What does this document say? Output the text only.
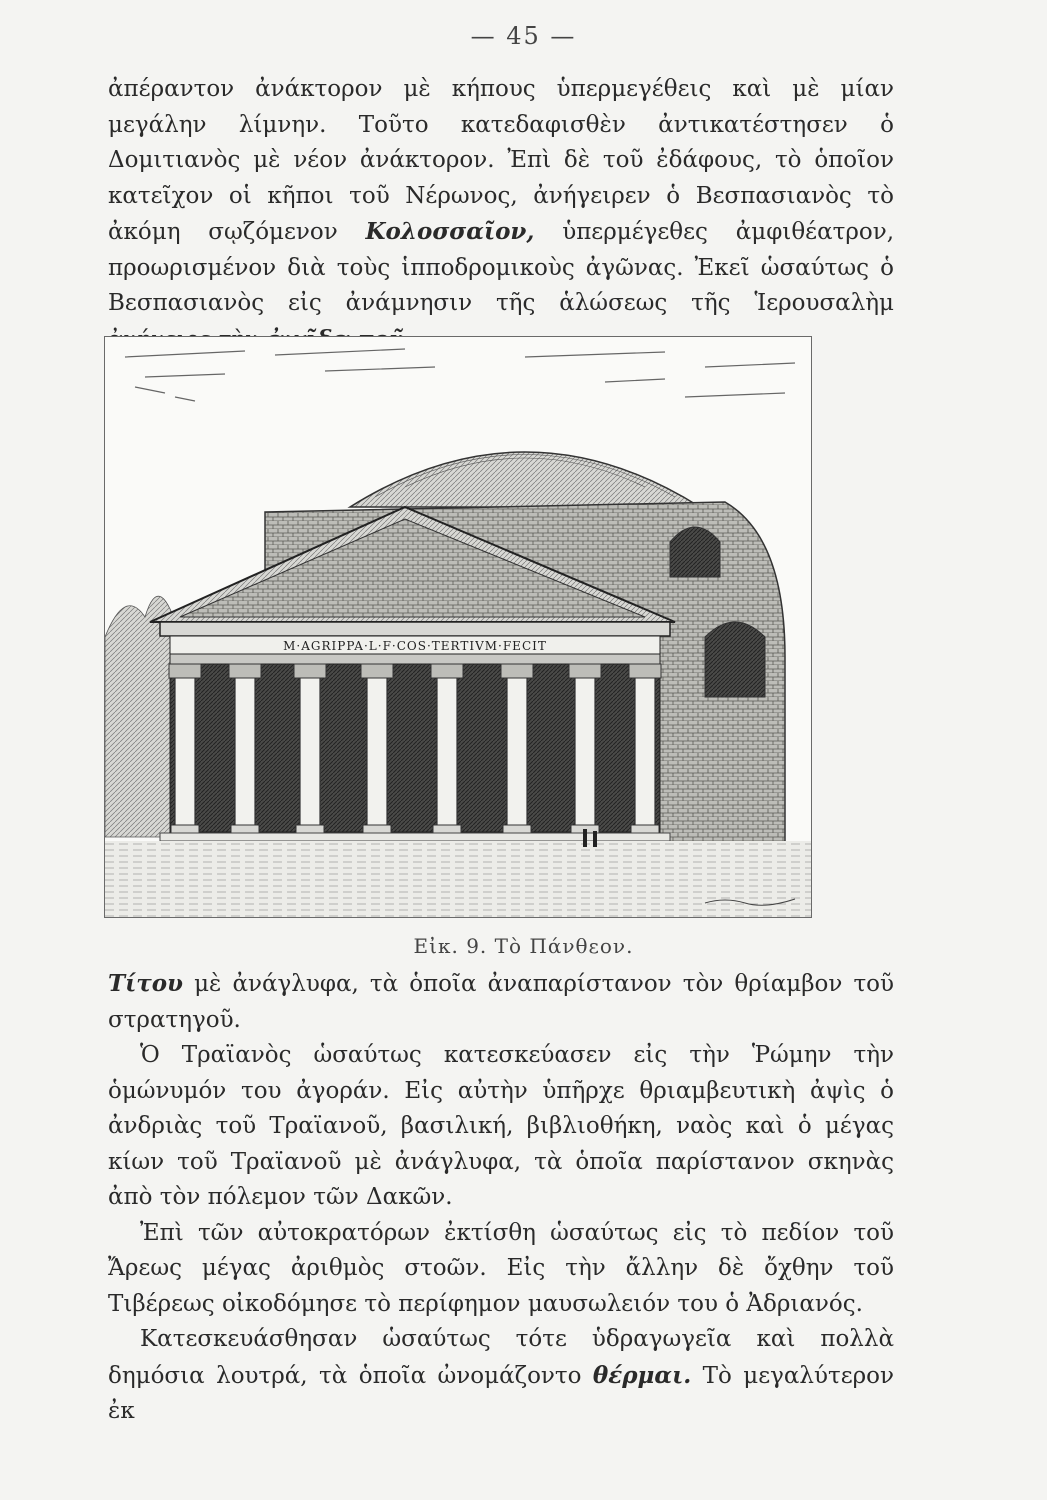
— 45 —

ἀπέραντον ἀνάκτορον μὲ κήπους ὑπερμεγέθεις καὶ μὲ μίαν μεγάλην λίμνην. Τοῦτο κατεδαφισθὲν ἀντικατέστησεν ὁ Δομιτιανὸς μὲ νέον ἀνάκτορον. Ἐπὶ δὲ τοῦ ἐδάφους, τὸ ὁποῖον κατεῖχον οἱ κῆποι τοῦ Νέρωνος, ἀνήγειρεν ὁ Βεσπασιανὸς τὸ ἀκόμη σῳζόμενον Κολοσσαῖον, ὑπερμέγεθες ἀμφιθέατρον, προωρισμένον διὰ τοὺς ἱπποδρομικοὺς ἀγῶνας. Ἐκεῖ ὡσαύτως ὁ Βεσπασιανὸς εἰς ἀνάμνησιν τῆς ἁλώσεως τῆς Ἱερουσαλὴμ

M·AGRIPPA·L·F·COS·TERTIVM·FECIT
Εἰκ. 9. Τὸ Πάνθεον.

Τίτου μὲ ἀνάγλυφα, τὰ ὁποῖα ἀναπαρίστανον τὸν θρίαμβον τοῦ στρατηγοῦ.

Ὁ Τραϊανὸς ὡσαύτως κατεσκεύασεν εἰς τὴν Ῥώμην τὴν ὁμώνυμόν του ἀγοράν. Εἰς αὐτὴν ὑπῆρχε θριαμβευτικὴ ἀψὶς ὁ ἀνδριὰς τοῦ Τραϊανοῦ, βασιλική, βιβλιοθήκη, ναὸς καὶ ὁ μέγας κίων τοῦ Τραϊανοῦ μὲ ἀνάγλυφα, τὰ ὁποῖα παρίστανον σκηνὰς ἀπὸ τὸν πόλεμον τῶν Δακῶν.

Ἐπὶ τῶν αὐτοκρατόρων ἐκτίσθη ὡσαύτως εἰς τὸ πεδίον τοῦ Ἄρεως μέγας ἀριθμὸς στοῶν. Εἰς τὴν ἄλλην δὲ ὄχθην τοῦ Τιβέρεως οἰκοδόμησε τὸ περίφημον μαυσωλειόν του ὁ Ἀδριανός.

Κατεσκευάσθησαν ὡσαύτως τότε ὑδραγωγεῖα καὶ πολλὰ δημόσια λουτρά, τὰ ὁποῖα ὠνομάζοντο θέρμαι. Τὸ μεγαλύτερον ἐκ
